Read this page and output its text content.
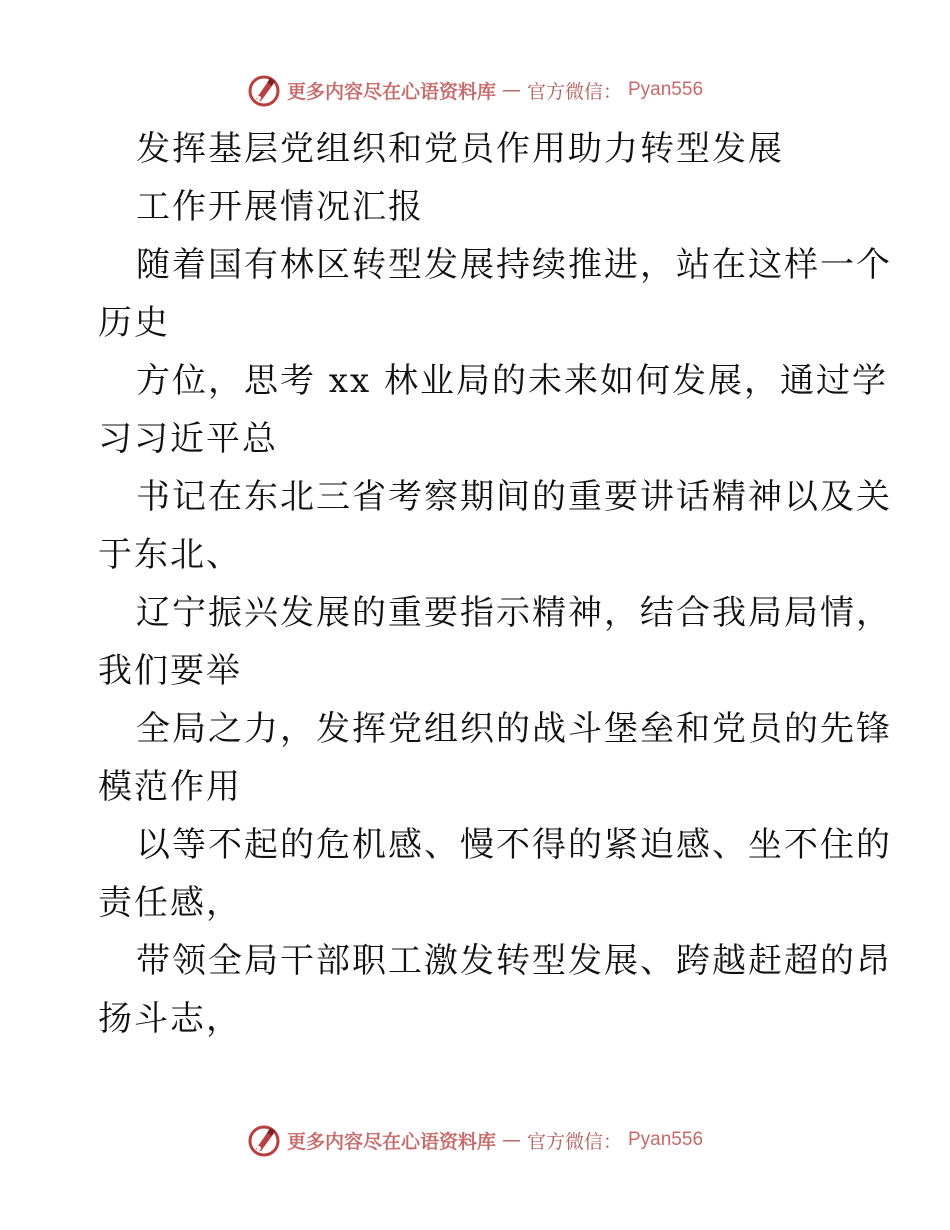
更多内容尽在心语资料库 — 官方微信： Pyan556
发挥基层党组织和党员作用助力转型发展
工作开展情况汇报
随着国有林区转型发展持续推进，站在这样一个
历史
方位，思考 xx 林业局的未来如何发展，通过学
习习近平总
书记在东北三省考察期间的重要讲话精神以及关
于东北、
辽宁振兴发展的重要指示精神，结合我局局情，
我们要举
全局之力，发挥党组织的战斗堡垒和党员的先锋
模范作用
以等不起的危机感、慢不得的紧迫感、坐不住的
责任感，
带领全局干部职工激发转型发展、跨越赶超的昂
扬斗志，
更多内容尽在心语资料库 — 官方微信： Pyan556
